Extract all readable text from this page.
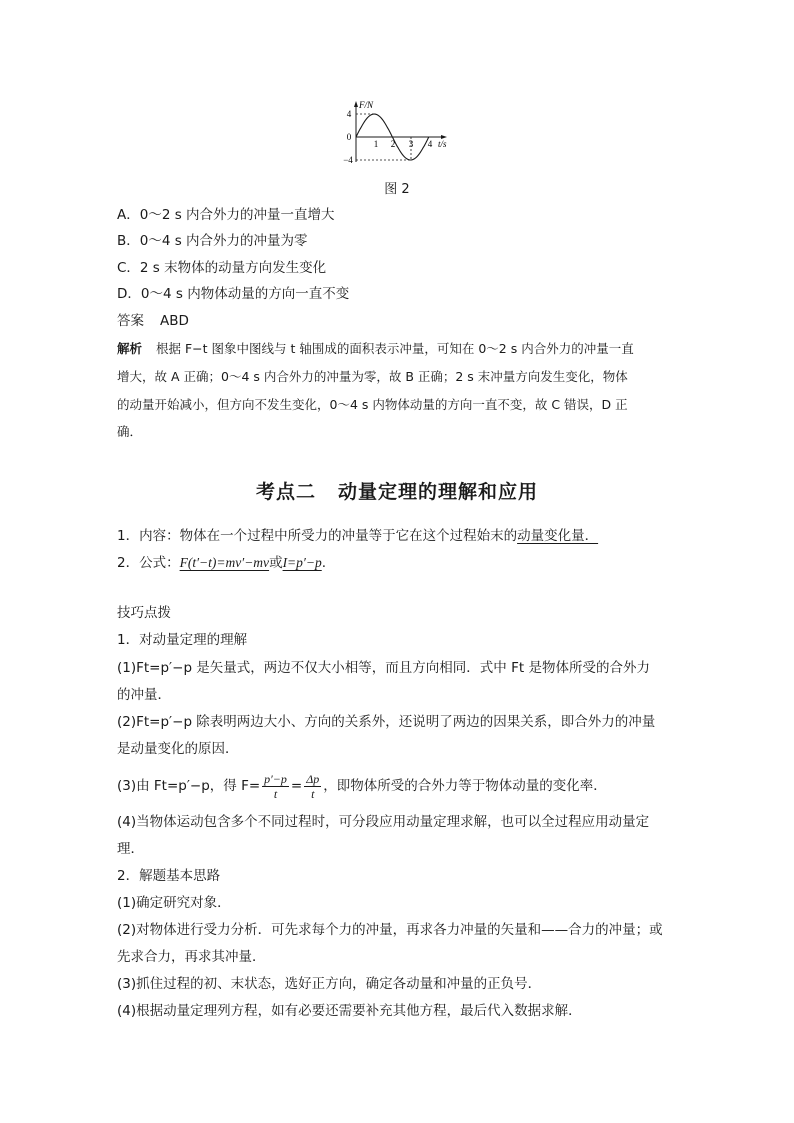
F/N
4
0
−4
1 2 3 4 t/s
图 2
A．0～2 s 内合外力的冲量一直增大
B．0～4 s 内合外力的冲量为零
C．2 s 末物体的动量方向发生变化
D．0～4 s 内物体动量的方向一直不变
答案 ABD
解析 根据 F−t 图象中图线与 t 轴围成的面积表示冲量，可知在 0～2 s 内合外力的冲量一直
增大，故 A 正确；0～4 s 内合外力的冲量为零，故 B 正确；2 s 末冲量方向发生变化，物体
的动量开始减小，但方向不发生变化，0～4 s 内物体动量的方向一直不变，故 C 错误，D 正
确．
考点二 动量定理的理解和应用
1．内容：物体在一个过程中所受力的冲量等于它在这个过程始末的动量变化量．
2．公式：F(t′−t)=mv′−mv或I=p′−p.
技巧点拨
1．对动量定理的理解
(1)Ft=p′−p 是矢量式，两边不仅大小相等，而且方向相同．式中 Ft 是物体所受的合外力
的冲量．
(2)Ft=p′−p 除表明两边大小、方向的关系外，还说明了两边的因果关系，即合外力的冲量
是动量变化的原因．
(3)由 Ft=p′−p，得 $F= \frac{p'-p}{t} = \frac{\Delta p}{t}$ ，即物体所受的合外力等于物体动量的变化率．
(4)当物体运动包含多个不同过程时，可分段应用动量定理求解，也可以全过程应用动量定
理．
2．解题基本思路
(1)确定研究对象．
(2)对物体进行受力分析．可先求每个力的冲量，再求各力冲量的矢量和——合力的冲量；或
先求合力，再求其冲量．
(3)抓住过程的初、末状态，选好正方向，确定各动量和冲量的正负号．
(4)根据动量定理列方程，如有必要还需要补充其他方程，最后代入数据求解．
